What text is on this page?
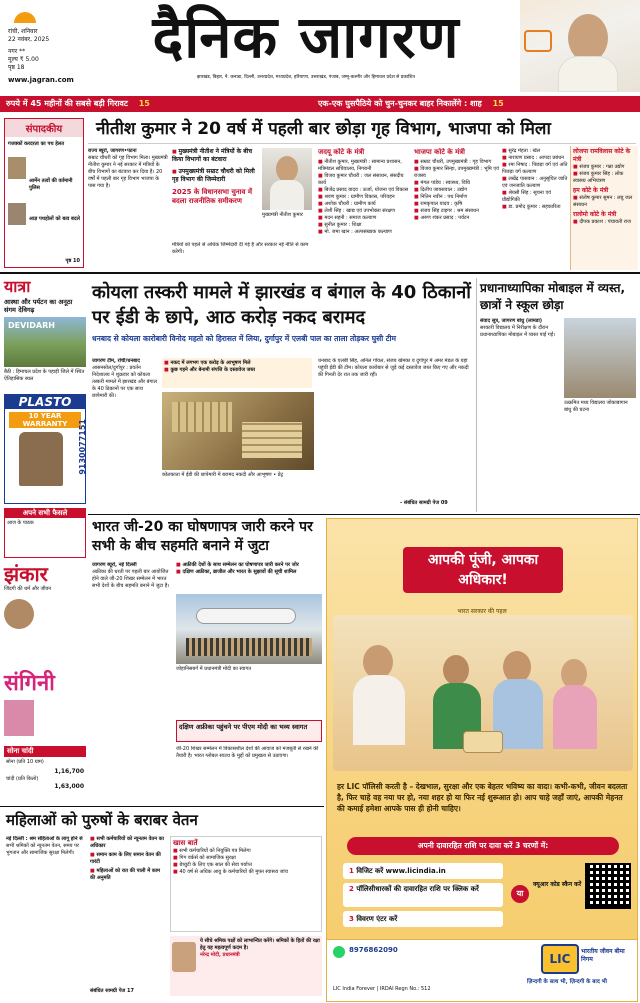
रांची, शनिवार
22 नवंबर, 2025
नगर **
मूल्य ₹ 5.00
पृष्ठ 18	दैनिक जागरण
www.jagran.com	झारखंड, बिहार, नै. कनाडा, दिल्ली, उत्तरप्रदेश, मध्यप्रदेश, हरियाणा, उत्तराखंड, पंजाब, जम्मू-कश्मीर और हिमाचल प्रदेश से प्रकाशित
रुपये में 45 महीनों की सबसे बड़ी गिरावट 15	एक-एक घुसपैठिये को चुन-चुनकर बाहर निकालेंगे : शाह 15
संपादकीय
गजक्कों करदरता का पथ हेलत
आर्मेन तत्वों की वर्तमानी पुलिस
आज्ञ पथहोलों को बत्व बदले
पृष्ठ 10
नीतीश कुमार ने 20 वर्ष में पहली बार छोड़ा गृह विभाग, भाजपा को मिला
राज्य ब्यूरो, जागरण•पटना
सम्राट चौधरी को गृह विभाग मिला। मुख्यमंत्री नीतीश कुमार ने नई सरकार में मंत्रियों के बीच विभागों का बंटवारा कर दिया है। 20 वर्षों में पहली बार गृह विभाग भाजपा के पास गया है।
■ मुख्यमंत्री नीतीश ने मंत्रियों के बीच किया विभागों का बंटवारा
■ उपमुख्यमंत्री सम्राट चौधरी को मिली गृह विभाग की जिम्मेदारी
2025 के विधानसभा चुनाव में बदला राजनीतिक समीकरण
मुख्यमंत्री नीतीश कुमार
मंत्रियों को पहले से अधिक जिम्मेदारी दी गई है और सरकार नई नीति से काम करेगी।
जदयू कोटे के मंत्री
■ नीतीश कुमार, मुख्यमंत्री : सामान्य प्रशासन, मंत्रिमंडल सचिवालय, निगरानी
■ विजय कुमार चौधरी : जल संसाधन, संसदीय कार्य
■ बिजेंद्र प्रसाद यादव : ऊर्जा, योजना एवं विकास
■ श्रवण कुमार : ग्रामीण विकास, परिवहन
■ अशोक चौधरी : ग्रामीण कार्य
■ लेशी सिंह : खाद्य एवं उपभोक्ता संरक्षण
■ मदन सहनी : समाज कल्याण
■ सुनील कुमार : शिक्षा
■ मो. जमा खान : अल्पसंख्यक कल्याण
भाजपा कोटे के मंत्री
■ सम्राट चौधरी, उपमुख्यमंत्री : गृह विभाग
■ विजय कुमार सिन्हा, उपमुख्यमंत्री : भूमि एवं राजस्व
■ मंगल पांडेय : स्वास्थ्य, विधि
■ दिलीप जायसवाल : उद्योग
■ नितिन नवीन : पथ निर्माण
■ रामकृपाल यादव : कृषि
■ संजय सिंह टाइगर : श्रम संसाधन
■ अरुण शंकर प्रसाद : पर्यटन
■ सुरेंद्र मेहता : खेल
■ नारायण प्रसाद : आपदा प्रबंधन
■ रमा निषाद : पिछड़ा वर्ग एवं अति पिछड़ा वर्ग कल्याण
■ लखेंद्र पासवान : अनुसूचित जाति एवं जनजाति कल्याण
■ श्रेयसी सिंह : सूचना एवं प्रौद्योगिकी
■ डा. प्रमोद कुमार : सहकारिता
लोजपा रामविलास कोटे के मंत्री
■ संजय कुमार : गन्ना उद्योग
■ संजय कुमार सिंह : लोक स्वास्थ्य अभियंत्रण
हम कोटे के मंत्री
■ संतोष कुमार सुमन : लघु जल संसाधन
रालोमो कोटे के मंत्री
■ दीपक प्रकाश : पंचायती राज
यात्रा
आस्था और पर्यटन का अनूठा संगम देविगढ़
DEVIDARH
बैठी : हिमाचल प्रदेश के पहाड़ी जिले में स्थित ऐतिहासिक स्थल
PLASTO
10 YEAR WARRANTY	9130077151
कोयला तस्करी मामले में झारखंड व बंगाल के 40 ठिकानों पर ईडी के छापे, आठ करोड़ नकद बरामद
धनबाद से कोयला कारोबारी विनोद महतो को हिरासत में लिया, दुर्गापुर में एलबी पाल का ताला तोड़कर घुसी टीम
जागरण टीम, रांची/धनबाद
आसनसोल/दुर्गापुर : प्रवर्तन निदेशालय ने शुक्रवार को कोयला तस्करी मामले में झारखंड और बंगाल के 40 ठिकानों पर एक साथ छापेमारी की।
■ नकद में लगभग एक करोड़ के आभूषण मिले
■ कुछ गहने और बेनामी संपत्ति के दस्तावेज जब्त
कोलकाता में ईडी की छापेमारी में बरामद नकदी और आभूषण • प्रेट्र
धनबाद के एलबी सिंह, अनिल गोयल, संजय खेमका व दुर्गापुर में अमर मंडल के यहां पहुंची ईडी की टीम। कोयला कारोबार से जुड़े कई दस्तावेज जब्त किए गए और नकदी की गिनती देर रात तक जारी रही।
- संबंधित सामग्री पेज 09
प्रधानाध्यापिका मोबाइल में व्यस्त, छात्रों ने स्कूल छोड़ा
संवाद सूत्र, जागरण बांधु (लामडा)
सरकारी विद्यालय में निरीक्षण के दौरान प्रधानाध्यापिका मोबाइल में व्यस्त पाई गईं।
उत्क्रमित मध्य विद्यालय जोकाबागान बांधु की घटना
अपने सभी फैसले
आज के पाठक
झंकार
जिंदगी की धर्म और जीवन
संगिनी
सोना चांदी
सोना (प्रति 10 ग्राम)
1,16,700
चांदी (प्रति किलो)
1,63,000
भारत जी-20 का घोषणापत्र जारी करने पर सभी के बीच सहमति बनाने में जुटा
जागरण ब्यूरो, नई दिल्ली
अफ्रीका की धरती पर पहली बार आयोजित होने वाले जी-20 शिखर सम्मेलन में भारत सभी देशों के बीच सहमति बनाने में जुटा है।
■ अफ्रीकी देशों के साथ सम्मेलन का घोषणापत्र जारी करने पर जोर
■ दक्षिण अफ्रीका, ब्राजील और भारत के सुझावों की सूची शामिल
जोहानिसबर्ग में प्रधानमंत्री मोदी का स्वागत
दक्षिण अफ्रीका पहुंचने पर पीएम मोदी का भव्य स्वागत
जी-20 शिखर सम्मेलन में विकासशील देशों की आवाज को मजबूती से रखने की तैयारी है। भारत ग्लोबल साउथ के मुद्दों को प्रमुखता से उठाएगा।
आपकी पूंजी, आपका अधिकार!
भारत सरकार की पहल
हर LIC पॉलिसी करती है – देखभाल, सुरक्षा और एक बेहतर भविष्य का वादा। कभी-कभी, जीवन बदलता है, फिर चाहे वह नया घर हो, नया शहर हो या फिर नई शुरूआत हो। आप चाहे जहाँ जाएं, आपकी मेहनत की कमाई हमेशा आपके पास ही होनी चाहिए।
अपनी दावारहित राशि पर दावा करें 3 चरणों में:
1 विजिट करें www.licindia.in
2 पॉलिसीधारकों की दावारहित राशि पर क्लिक करें
3 विवरण एंटर करें
या
क्यूआर कोड स्कैन करें
8976862090
LIC India Forever | IRDAI Regn No.: 512
LIC
भारतीय जीवन बीमा निगम
ज़िन्दगी के साथ भी, ज़िन्दगी के बाद भी
महिलाओं को पुरुषों के बराबर वेतन
नई दिल्ली : श्रम संहिताओं के लागू होने से
सभी श्रमिकों को न्यूनतम वेतन, समय पर भुगतान और सामाजिक सुरक्षा मिलेगी।
■ सभी कर्मचारियों को न्यूनतम वेतन का अधिकार
■ समान काम के लिए समान वेतन की गारंटी
■ महिलाओं को रात की पाली में काम की अनुमति
खास बातें
■ सभी कर्मचारियों को नियुक्ति पत्र मिलेगा
■ गिग वर्कर्स को सामाजिक सुरक्षा
■ ग्रेच्युटी के लिए एक साल की सेवा पर्याप्त
■ 40 वर्ष से अधिक आयु के कर्मचारियों की मुफ्त स्वास्थ्य जांच
ये सीधे श्रमिक पक्षों को लाभान्वित करेंगे। श्रमिकों के हितों की रक्षा हेतु यह महत्वपूर्ण कदम है।
नरेन्द्र मोदी, प्रधानमंत्री
संबंधित सामग्री पेज 17
